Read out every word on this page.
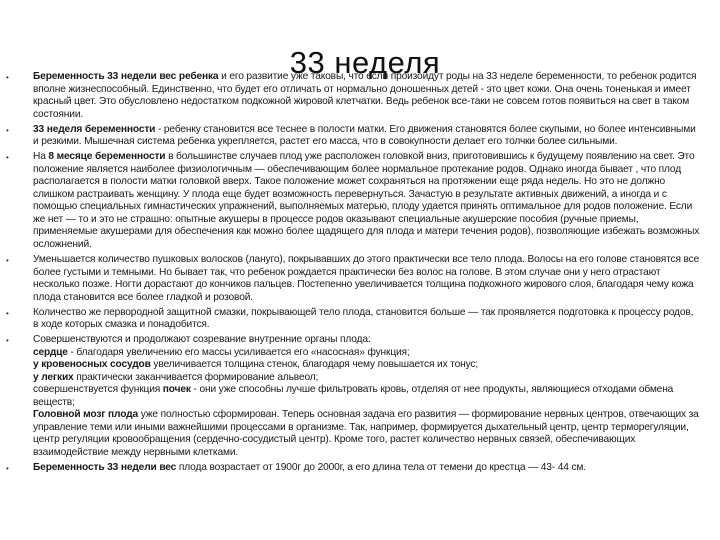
33 неделя
• Беременность 33 недели вес ребенка и его развитие уже таковы, что если произойдут роды на 33 неделе беременности, то ребенок родится вполне жизнеспособный. Единственно, что будет его отличать от нормально доношенных детей - это цвет кожи. Она очень тоненькая и имеет красный цвет. Это обусловлено недостатком подкожной жировой клетчатки. Ведь ребенок все-таки не совсем готов появиться на свет в таком состоянии.
• 33 неделя беременности - ребенку становится все теснее в полости матки. Его движения становятся более скупыми, но более интенсивными и резкими. Мышечная система ребенка укрепляется, растет его масса, что в совокупности делает его толчки более сильными.
• На 8 месяце беременности в большинстве случаев плод уже расположен головкой вниз, приготовившись к будущему появлению на свет. Это положение является наиболее физиологичным — обеспечивающим более нормальное протекание родов. Однако иногда бывает , что плод располагается в полости матки головкой вверх. Такое положение может сохраняться на протяжении еще ряда недель. Но это не должно слишком растраивать женщину. У плода еще будет возможность перевернуться. Зачастую в результате активных движений, а иногда и с помощью специальных гимнастических упражнений, выполняемых матерью, плоду удается принять оптимальное для родов положение. Если же нет — то и это не страшно: опытные акушеры в процессе родов оказывают специальные акушерские пособия (ручные приемы, применяемые акушерами для обеспечения как можно более щадящего для плода и матери течения родов), позволяющие избежать возможных осложнений.
• Уменьшается количество пушковых волосков (лануго), покрывавших до этого практически все тело плода. Волосы на его голове становятся все более густыми и темными. Но бывает так, что ребенок рождается практически без волос на голове. В этом случае они у него отрастают несколько позже. Ногти дорастают до кончиков пальцев. Постепенно увеличивается толщина подкожного жирового слоя, благодаря чему кожа плода становится все более гладкой и розовой.
• Количество же первородной защитной смазки, покрывающей тело плода, становится больше — так проявляется подготовка к процессу родов, в ходе которых смазка и понадобится.
• Совершенствуются и продолжают созревание внутренние органы плода:
сердце - благодаря увеличению его массы усиливается его «насосная» функция;
у кровеносных сосудов увеличивается толщина стенок, благодаря чему повышается их тонус;
у легких практически заканчивается формирование альвеол;
совершенствуется функция почек - они уже способны лучше фильтровать кровь, отделяя от нее продукты, являющиеся отходами обмена веществ;
Головной мозг плода уже полностью сформирован. Теперь основная задача его развития — формирование нервных центров, отвечающих за управление теми или иными важнейшими процессами в организме. Так, например, формируется дыхательный центр, центр терморегуляции, центр регуляции кровообращения (сердечно-сосудистый центр). Кроме того, растет количество нервных связей, обеспечивающих взаимодействие между нервными клетками.
• Беременность 33 недели вес плода возрастает от 1900г до 2000г, а его длина тела от темени до крестца — 43- 44 см.
